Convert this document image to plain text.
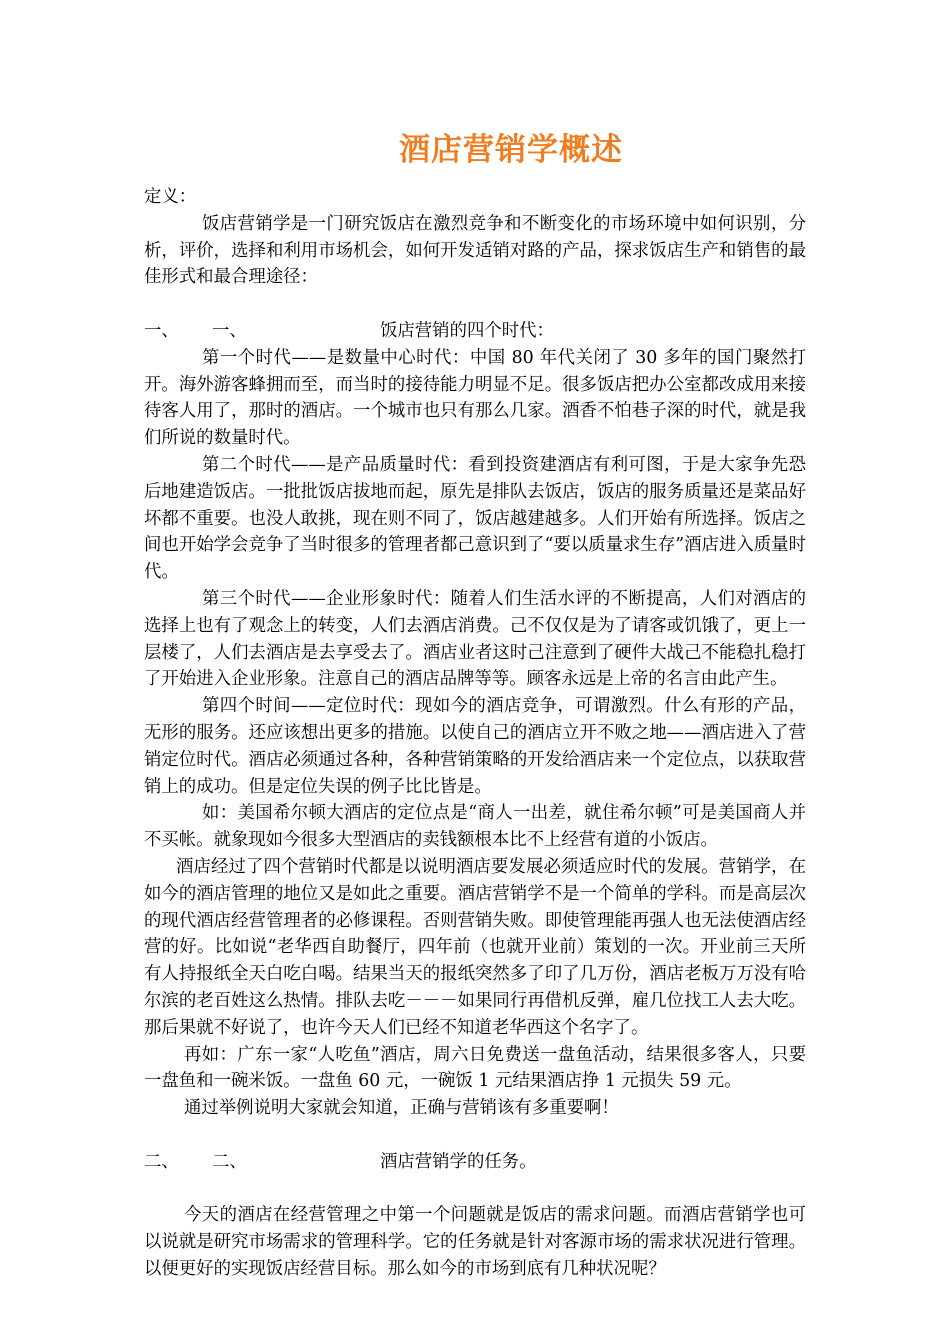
酒店营销学概述

定义：

饭店营销学是一门研究饭店在激烈竞争和不断变化的市场环境中如何识别，分析，评价，选择和利用市场机会，如何开发适销对路的产品，探求饭店生产和销售的最佳形式和最合理途径：

一、 一、	饭店营销的四个时代：

第一个时代——是数量中心时代：中国 80 年代关闭了 30 多年的国门聚然打开。海外游客蜂拥而至，而当时的接待能力明显不足。很多饭店把办公室都改成用来接待客人用了，那时的酒店。一个城市也只有那么几家。酒香不怕巷子深的时代，就是我们所说的数量时代。

第二个时代——是产品质量时代：看到投资建酒店有利可图，于是大家争先恐后地建造饭店。一批批饭店拔地而起，原先是排队去饭店，饭店的服务质量还是菜品好坏都不重要。也没人敢挑，现在则不同了，饭店越建越多。人们开始有所选择。饭店之间也开始学会竞争了当时很多的管理者都己意识到了“要以质量求生存”酒店进入质量时代。

第三个时代——企业形象时代：随着人们生活水评的不断提高，人们对酒店的选择上也有了观念上的转变，人们去酒店消费。己不仅仅是为了请客或饥饿了，更上一层楼了，人们去酒店是去享受去了。酒店业者这时己注意到了硬件大战己不能稳扎稳打了开始进入企业形象。注意自己的酒店品牌等等。顾客永远是上帝的名言由此产生。

第四个时间——定位时代：现如今的酒店竞争，可谓激烈。什么有形的产品，无形的服务。还应该想出更多的措施。以使自己的酒店立开不败之地——酒店进入了营销定位时代。酒店必须通过各种，各种营销策略的开发给酒店来一个定位点，以获取营销上的成功。但是定位失误的例子比比皆是。

如：美国希尔顿大酒店的定位点是“商人一出差，就住希尔顿”可是美国商人并不买帐。就象现如今很多大型酒店的卖钱额根本比不上经营有道的小饭店。

酒店经过了四个营销时代都是以说明酒店要发展必须适应时代的发展。营销学，在如今的酒店管理的地位又是如此之重要。酒店营销学不是一个简单的学科。而是高层次的现代酒店经营管理者的必修课程。否则营销失败。即使管理能再强人也无法使酒店经营的好。比如说“老华西自助餐厅，四年前（也就开业前）策划的一次。开业前三天所有人持报纸全天白吃白喝。结果当天的报纸突然多了印了几万份，酒店老板万万没有哈尔滨的老百姓这么热情。排队去吃－－－如果同行再借机反弹，雇几位找工人去大吃。那后果就不好说了，也许今天人们已经不知道老华西这个名字了。

再如：广东一家“人吃鱼”酒店，周六日免费送一盘鱼活动，结果很多客人，只要一盘鱼和一碗米饭。一盘鱼 60 元，一碗饭 1 元结果酒店挣 1 元损失 59 元。

通过举例说明大家就会知道，正确与营销该有多重要啊！

二、 二、	酒店营销学的任务。

今天的酒店在经营管理之中第一个问题就是饭店的需求问题。而酒店营销学也可以说就是研究市场需求的管理科学。它的任务就是针对客源市场的需求状况进行管理。以便更好的实现饭店经营目标。那么如今的市场到底有几种状况呢？
